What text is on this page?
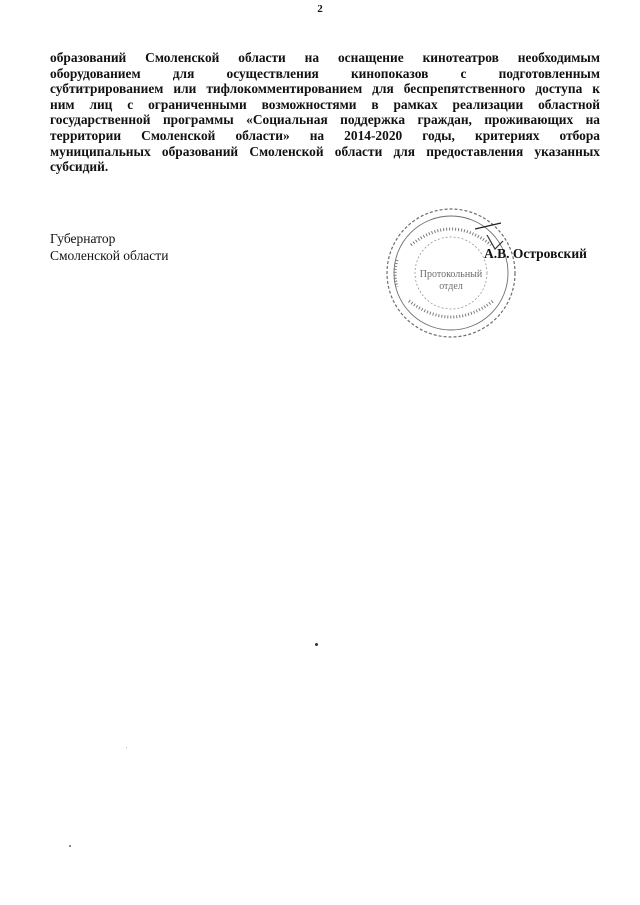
2
образований Смоленской области на оснащение кинотеатров необходимым
оборудованием для осуществления кинопоказов с подготовленным
субтитрированием или тифлокомментированием для беспрепятственного доступа к
ним лиц с ограниченными возможностями в рамках реализации областной
государственной программы «Социальная поддержка граждан, проживающих на
территории Смоленской области» на 2014-2020 годы, критериях отбора
муниципальных образований Смоленской области для предоставления указанных
субсидий.
Губернатор
Смоленской области
Протокольный
отдел
А.В. Островский
